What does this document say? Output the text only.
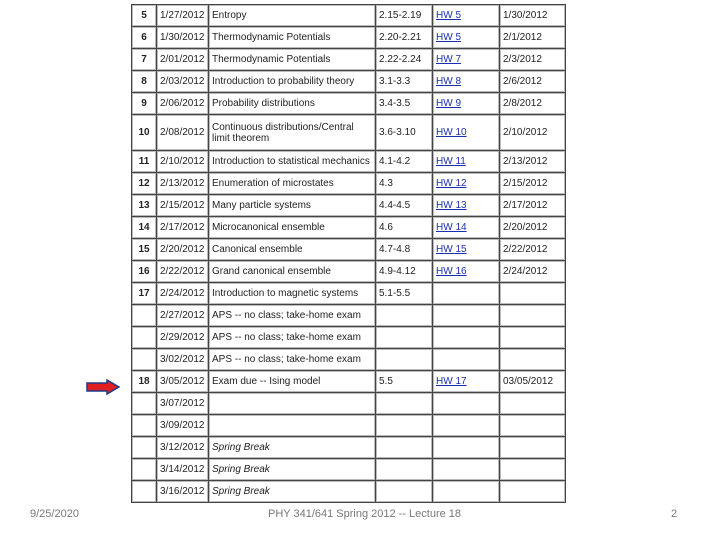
5	1/27/2012	Entropy	2.15-2.19	HW 5	1/30/2012
6	1/30/2012	Thermodynamic Potentials	2.20-2.21	HW 5	2/1/2012
7	2/01/2012	Thermodynamic Potentials	2.22-2.24	HW 7	2/3/2012
8	2/03/2012	Introduction to probability theory	3.1-3.3	HW 8	2/6/2012
9	2/06/2012	Probability distributions	3.4-3.5	HW 9	2/8/2012
10	2/08/2012	Continuous distributions/Central limit theorem	3.6-3.10	HW 10	2/10/2012
11	2/10/2012	Introduction to statistical mechanics	4.1-4.2	HW 11	2/13/2012
12	2/13/2012	Enumeration of microstates	4.3	HW 12	2/15/2012
13	2/15/2012	Many particle systems	4.4-4.5	HW 13	2/17/2012
14	2/17/2012	Microcanonical ensemble	4.6	HW 14	2/20/2012
15	2/20/2012	Canonical ensemble	4.7-4.8	HW 15	2/22/2012
16	2/22/2012	Grand canonical ensemble	4.9-4.12	HW 16	2/24/2012
17	2/24/2012	Introduction to magnetic systems	5.1-5.5		
	2/27/2012	APS -- no class; take-home exam			
	2/29/2012	APS -- no class; take-home exam			
	3/02/2012	APS -- no class; take-home exam			
18	3/05/2012	Exam due -- Ising model	5.5	HW 17	03/05/2012
	3/07/2012				
	3/09/2012				
	3/12/2012	Spring Break			
	3/14/2012	Spring Break			
	3/16/2012	Spring Break			
9/25/2020	PHY 341/641 Spring 2012 -- Lecture 18	2
